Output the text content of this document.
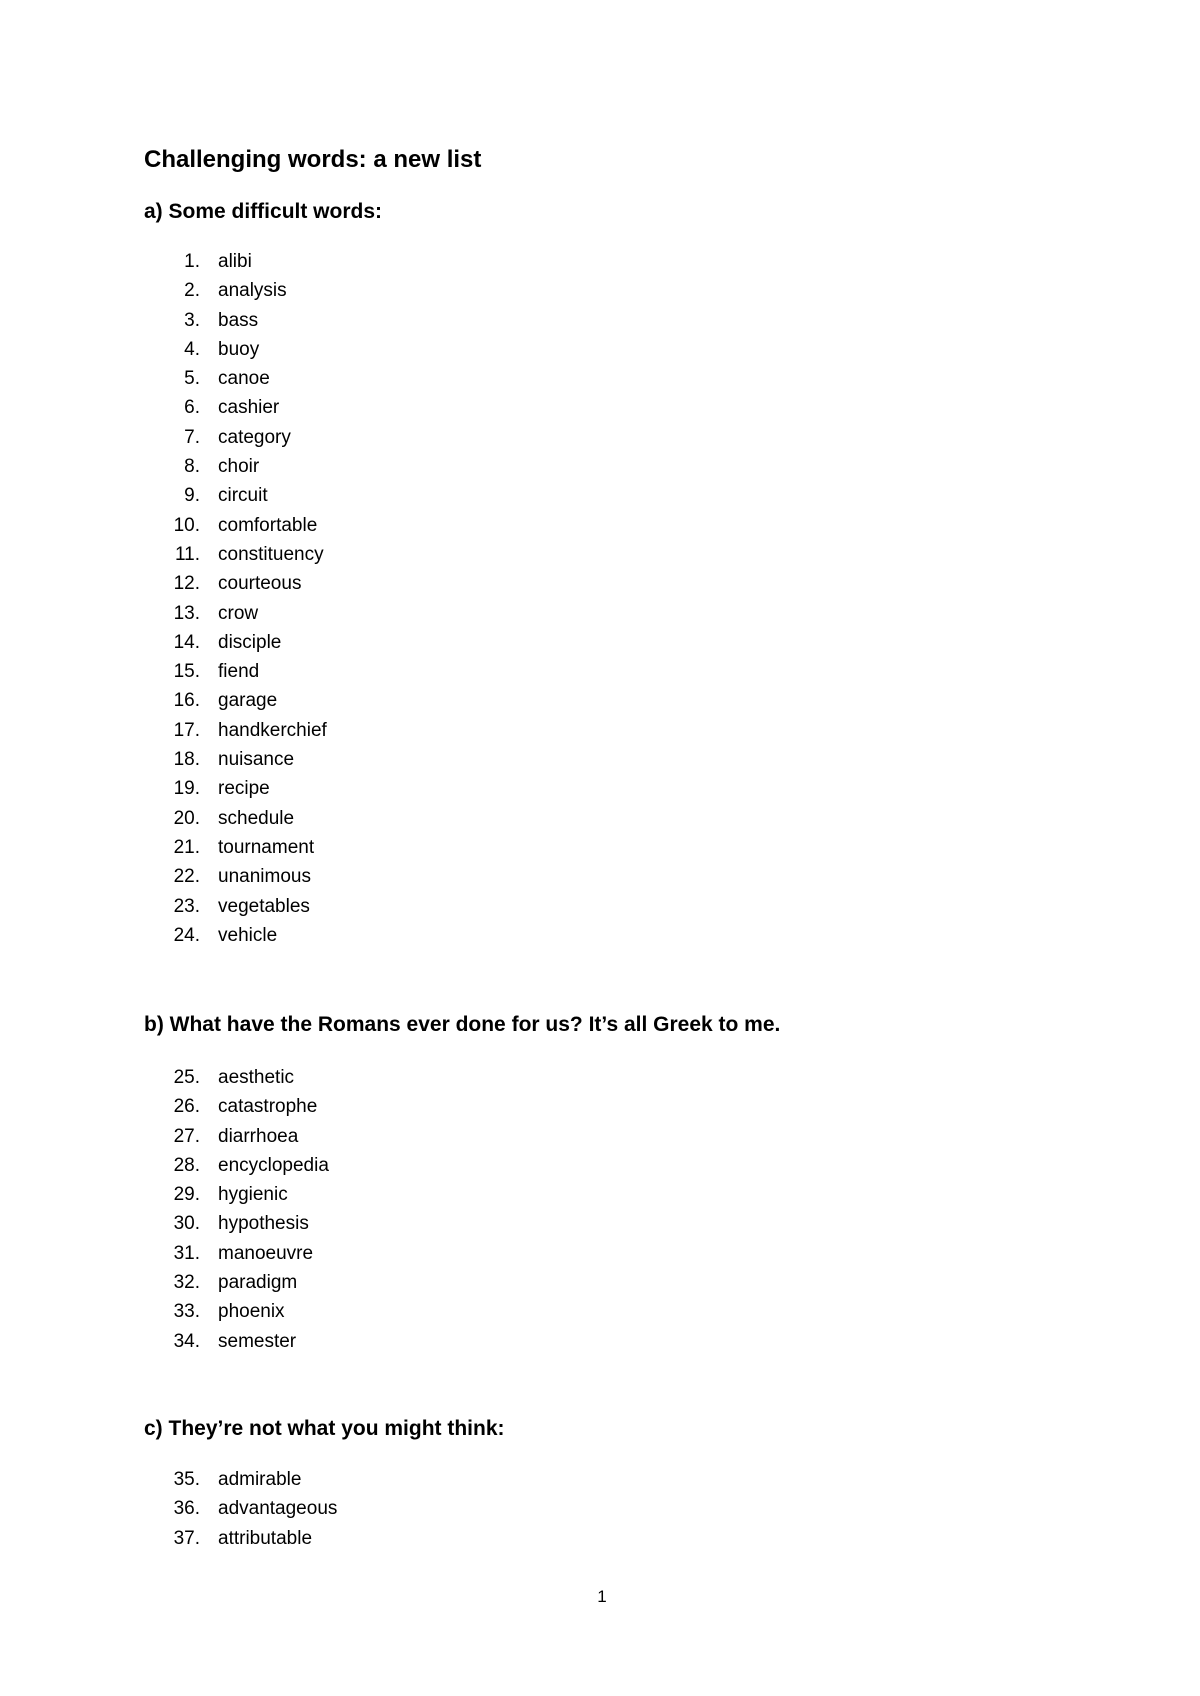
Challenging words: a new list
a) Some difficult words:
1. alibi
2. analysis
3. bass
4. buoy
5. canoe
6. cashier
7. category
8. choir
9. circuit
10. comfortable
11. constituency
12. courteous
13. crow
14. disciple
15. fiend
16. garage
17. handkerchief
18. nuisance
19. recipe
20. schedule
21. tournament
22. unanimous
23. vegetables
24. vehicle
b) What have the Romans ever done for us? It’s all Greek to me.
25. aesthetic
26. catastrophe
27. diarrhoea
28. encyclopedia
29. hygienic
30. hypothesis
31. manoeuvre
32. paradigm
33. phoenix
34. semester
c) They’re not what you might think:
35. admirable
36. advantageous
37. attributable
1
